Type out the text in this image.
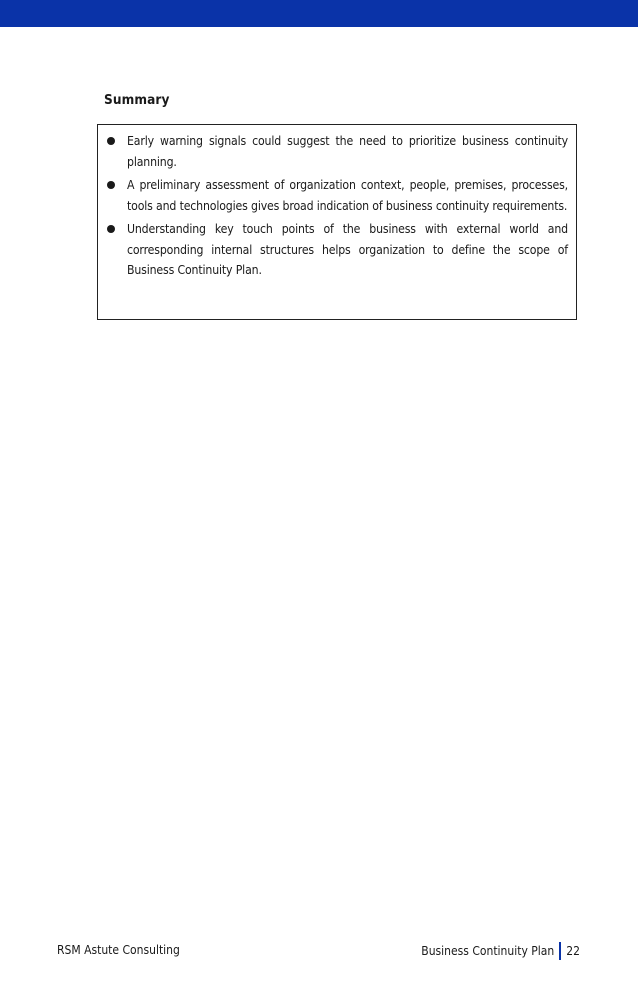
Summary
Early warning signals could suggest the need to prioritize business continuity planning.
A preliminary assessment of organization context, people, premises, processes, tools and technologies gives broad indication of business continuity requirements.
Understanding key touch points of the business with external world and corresponding internal structures helps organization to define the scope of Business Continuity Plan.
RSM Astute Consulting	Business Continuity Plan 22
